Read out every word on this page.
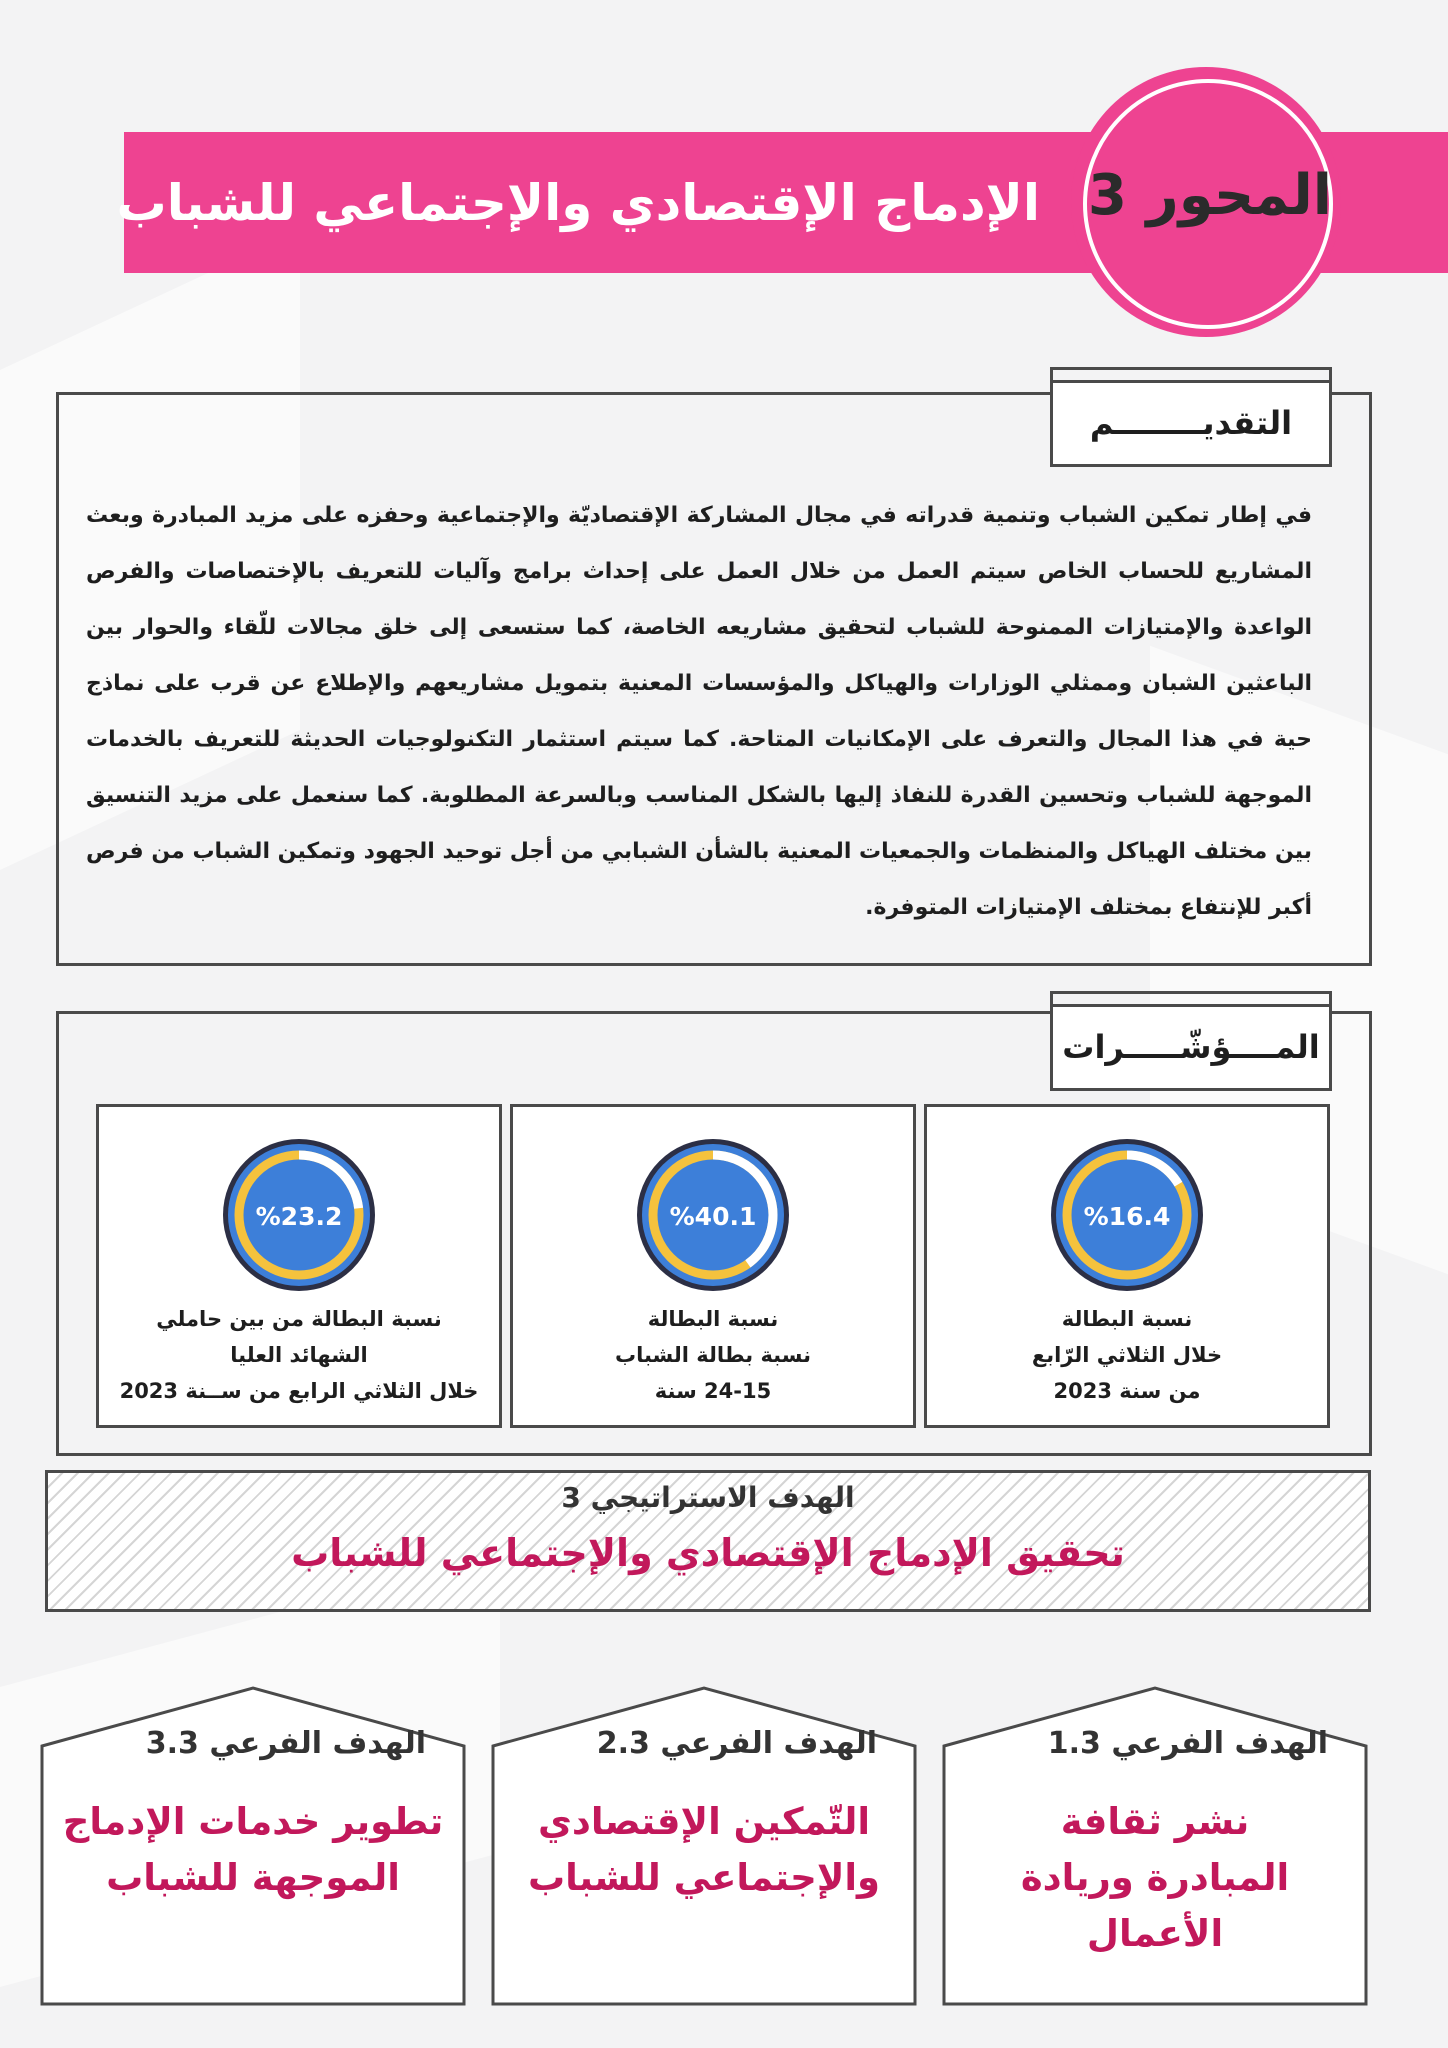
الإدماج الإقتصادي والإجتماعي للشباب المحور 3
التقديــــــــم
في إطار تمكين الشباب وتنمية قدراته في مجال المشاركة الإقتصاديّة والإجتماعية وحفزه على مزيد المبادرة وبعث المشاريع للحساب الخاص سيتم العمل من خلال العمل على إحداث برامج وآليات للتعريف بالإختصاصات والفرص الواعدة والإمتيازات الممنوحة للشباب لتحقيق مشاريعه الخاصة، كما ستسعى إلى خلق مجالات للّقاء والحوار بين الباعثين الشبان وممثلي الوزارات والهياكل والمؤسسات المعنية بتمويل مشاريعهم والإطلاع عن قرب على نماذج حية في هذا المجال والتعرف على الإمكانيات المتاحة. كما سيتم استثمار التكنولوجيات الحديثة للتعريف بالخدمات الموجهة للشباب وتحسين القدرة للنفاذ إليها بالشكل المناسب وبالسرعة المطلوبة. كما سنعمل على مزيد التنسيق بين مختلف الهياكل والمنظمات والجمعيات المعنية بالشأن الشبابي من أجل توحيد الجهود وتمكين الشباب من فرص أكبر للإنتفاع بمختلف الإمتيازات المتوفرة.
المــــؤشّـــــرات
%16.4
نسبة البطالة
خلال الثلاثي الرّابع
من سنة 2023
%40.1
نسبة البطالة
نسبة بطالة الشباب
24-15 سنة
%23.2
نسبة البطالة من بين حاملي
الشهائد العليا
خلال الثلاثي الرابع من ســنة 2023
الهدف الاستراتيجي 3
تحقيق الإدماج الإقتصادي والإجتماعي للشباب
الهدف الفرعي 1.3
نشر ثقافة
المبادرة وريادة الأعمال
الهدف الفرعي 2.3
التّمكين الإقتصادي
والإجتماعي للشباب
الهدف الفرعي 3.3
تطوير خدمات الإدماج
الموجهة للشباب
